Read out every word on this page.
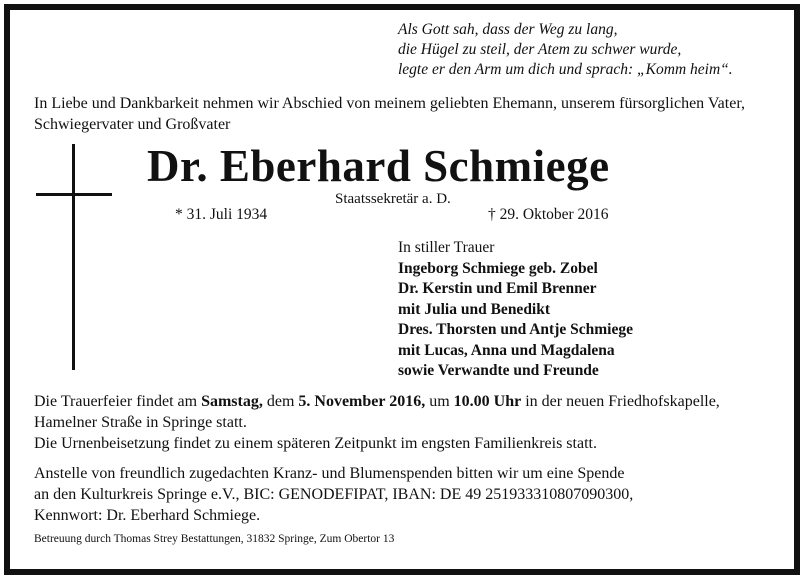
Als Gott sah, dass der Weg zu lang,
die Hügel zu steil, der Atem zu schwer wurde,
legte er den Arm um dich und sprach: „Komm heim“.
In Liebe und Dankbarkeit nehmen wir Abschied von meinem geliebten Ehemann, unserem fürsorglichen Vater, Schwiegervater und Großvater
Dr. Eberhard Schmiege
Staatssekretär a. D.
* 31. Juli 1934	† 29. Oktober 2016
In stiller Trauer
Ingeborg Schmiege geb. Zobel
Dr. Kerstin und Emil Brenner
mit Julia und Benedikt
Dres. Thorsten und Antje Schmiege
mit Lucas, Anna und Magdalena
sowie Verwandte und Freunde
Die Trauerfeier findet am Samstag, dem 5. November 2016, um 10.00 Uhr in der neuen Friedhofskapelle,
Hamelner Straße in Springe statt.
Die Urnenbeisetzung findet zu einem späteren Zeitpunkt im engsten Familienkreis statt.
Anstelle von freundlich zugedachten Kranz- und Blumenspenden bitten wir um eine Spende
an den Kulturkreis Springe e.V., BIC: GENODEFIPAT, IBAN: DE 49 251933310807090300,
Kennwort: Dr. Eberhard Schmiege.
Betreuung durch Thomas Strey Bestattungen, 31832 Springe, Zum Obertor 13
